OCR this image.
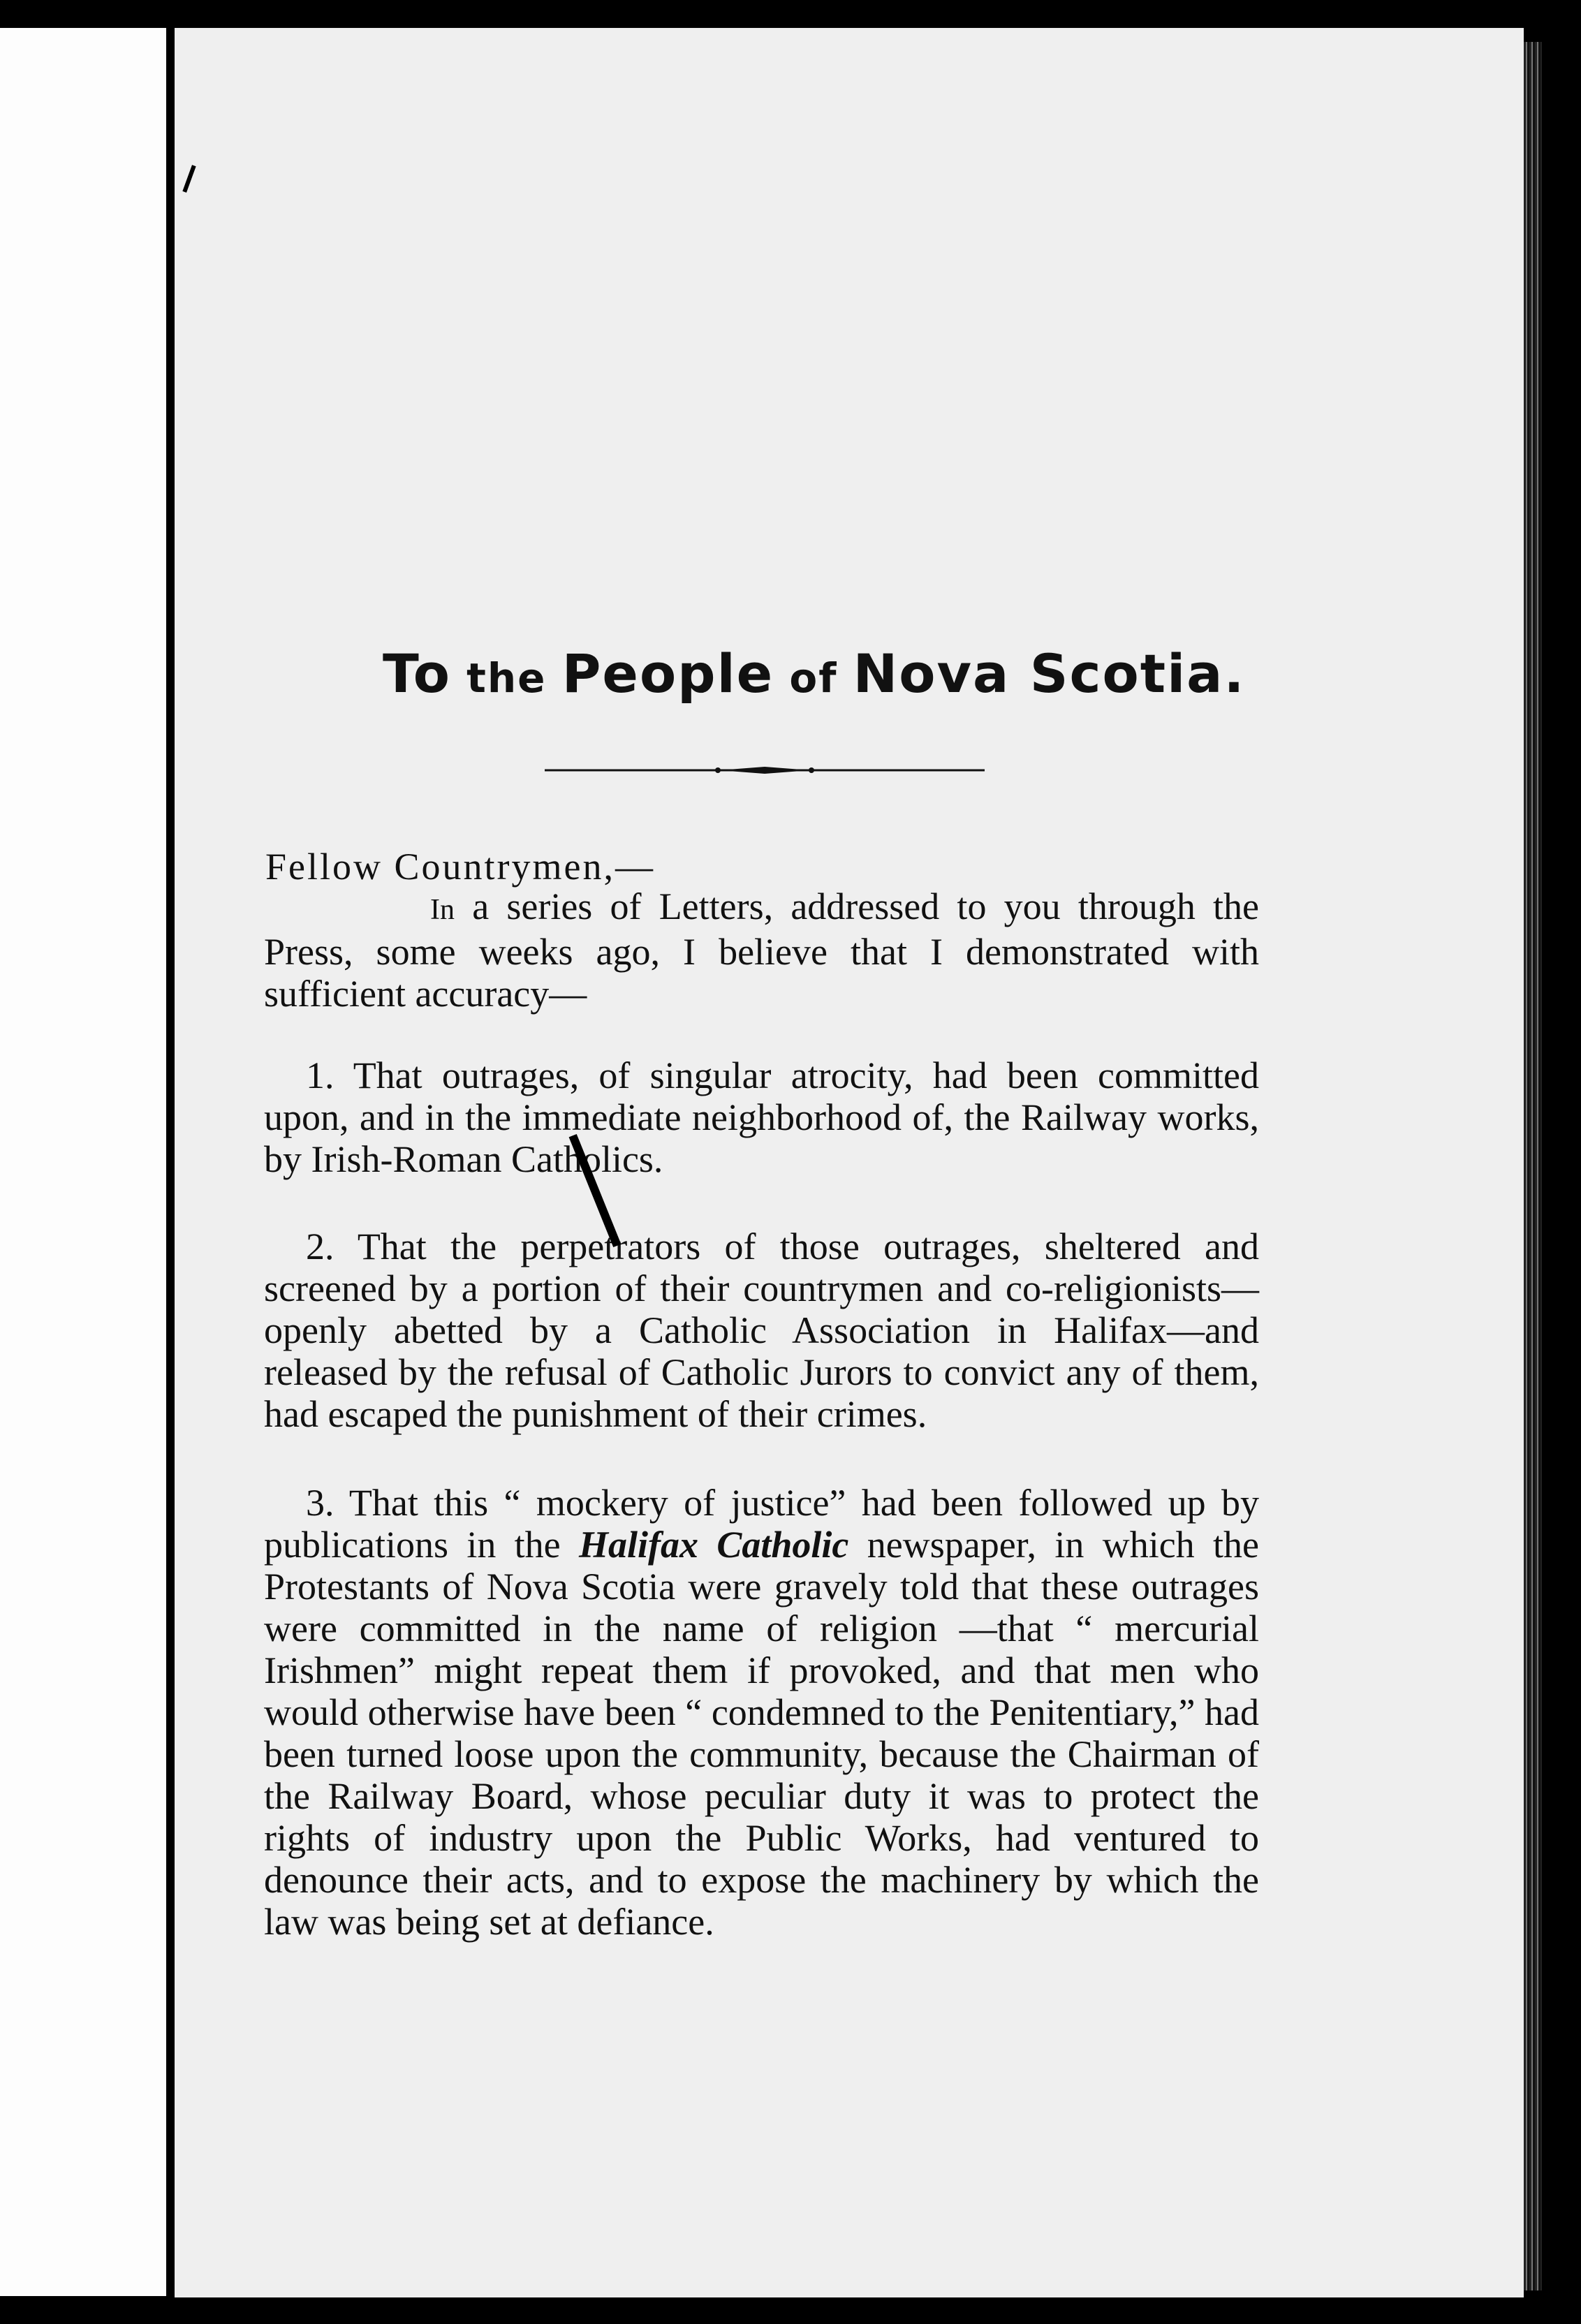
To the People of Nova Scotia.

Fellow Countrymen,—

In a series of Letters, addressed to you through the Press, some weeks ago, I believe that I demonstrated with sufficient accuracy—

1. That outrages, of singular atrocity, had been committed upon, and in the immediate neighborhood of, the Railway works, by Irish-Roman Catholics.

2. That the perpetrators of those outrages, sheltered and screened by a portion of their countrymen and co-religionists—openly abetted by a Catholic Association in Halifax—and released by the refusal of Catholic Jurors to convict any of them, had escaped the punishment of their crimes.

3. That this “ mockery of justice” had been followed up by publications in the Halifax Catholic newspaper, in which the Protestants of Nova Scotia were gravely told that these outrages were committed in the name of religion —that “ mercurial Irishmen” might repeat them if provoked, and that men who would otherwise have been “ condemned to the Penitentiary,” had been turned loose upon the community, because the Chairman of the Railway Board, whose peculiar duty it was to protect the rights of industry upon the Public Works, had ventured to denounce their acts, and to expose the machinery by which the law was being set at defiance.
